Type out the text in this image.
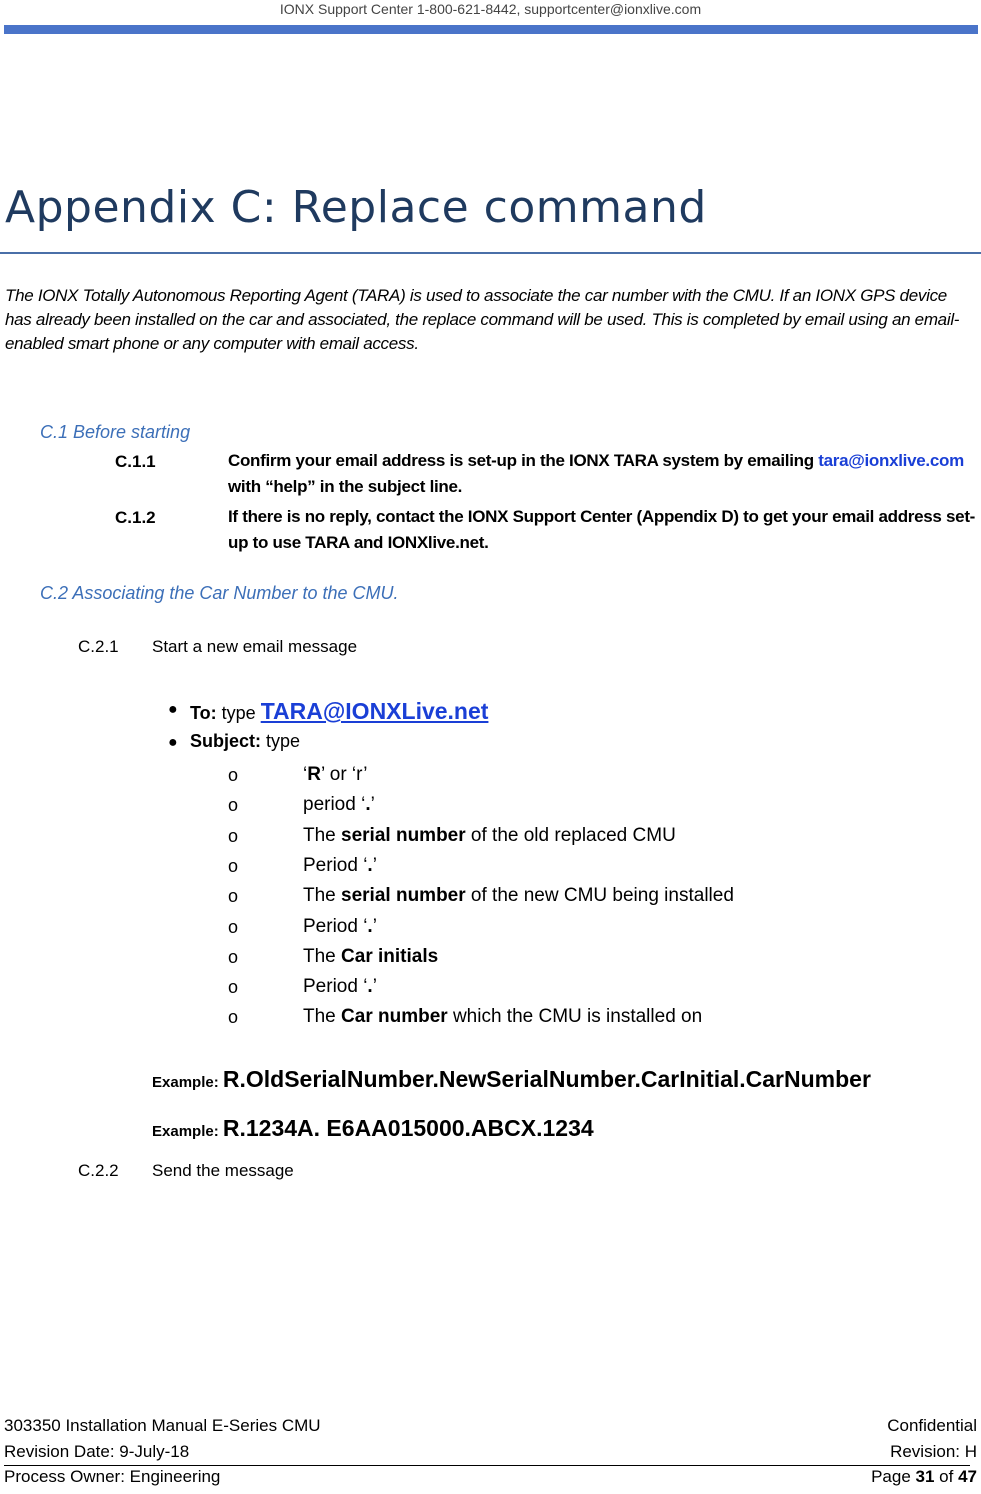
IONX Support Center 1-800-621-8442, supportcenter@ionxlive.com
Appendix C: Replace command
The IONX Totally Autonomous Reporting Agent (TARA) is used to associate the car number with the CMU. If an IONX GPS device has already been installed on the car and associated, the replace command will be used. This is completed by email using an email-enabled smart phone or any computer with email access.
C.1 Before starting
C.1.1	Confirm your email address is set-up in the IONX TARA system by emailing tara@ionxlive.com with “help” in the subject line.
C.1.2	If there is no reply, contact the IONX Support Center (Appendix D) to get your email address set-up to use TARA and IONXlive.net.
C.2 Associating the Car Number to the CMU.
C.2.1 Start a new email message
● To: type TARA@IONXLive.net
● Subject: type
o	‘R’ or ‘r’
o	period ‘.’
o	The serial number of the old replaced CMU
o	Period ‘.’
o	The serial number of the new CMU being installed
o	Period ‘.’
o	The Car initials
o	Period ‘.’
o	The Car number which the CMU is installed on
Example: R.OldSerialNumber.NewSerialNumber.CarInitial.CarNumber
Example: R.1234A. E6AA015000.ABCX.1234
C.2.2 Send the message
303350 Installation Manual E-Series CMU	Confidential
Revision Date: 9-July-18	Revision: H
Process Owner: Engineering	Page 31 of 47
